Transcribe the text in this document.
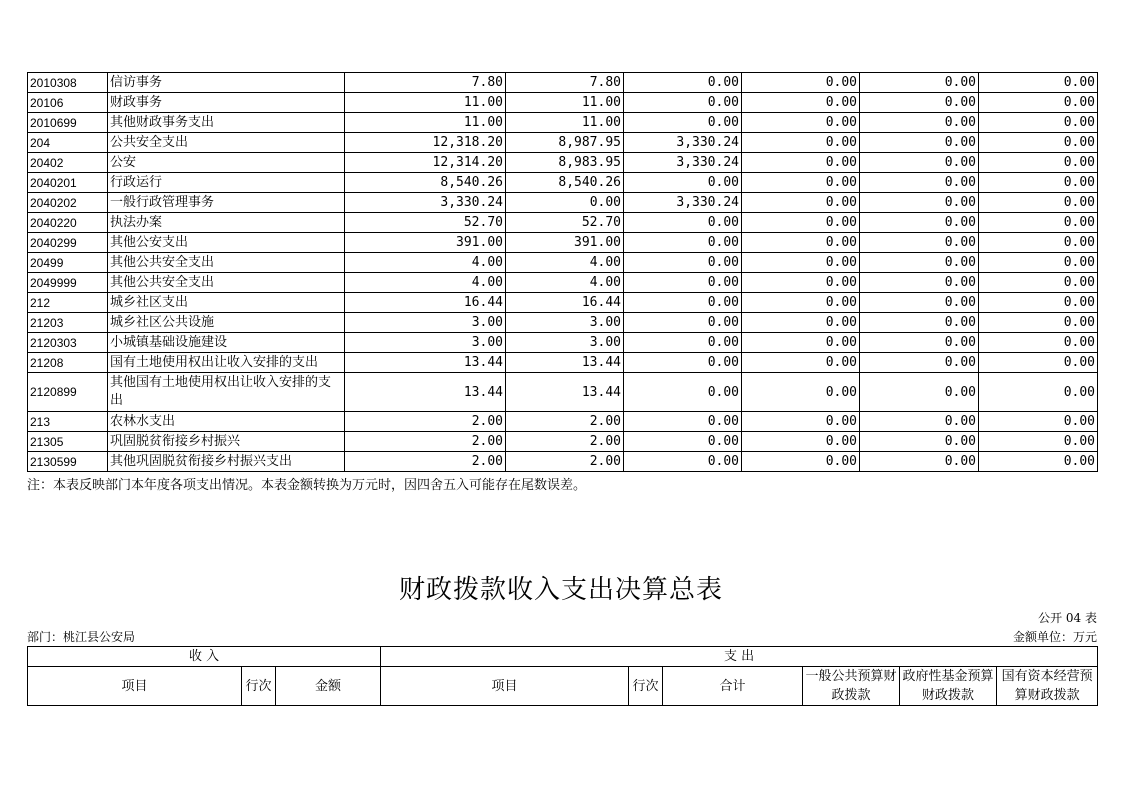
2010308	信访事务	7.80	7.80	0.00	0.00	0.00	0.00
20106	财政事务	11.00	11.00	0.00	0.00	0.00	0.00
2010699	其他财政事务支出	11.00	11.00	0.00	0.00	0.00	0.00
204	公共安全支出	12,318.20	8,987.95	3,330.24	0.00	0.00	0.00
20402	公安	12,314.20	8,983.95	3,330.24	0.00	0.00	0.00
2040201	行政运行	8,540.26	8,540.26	0.00	0.00	0.00	0.00
2040202	一般行政管理事务	3,330.24	0.00	3,330.24	0.00	0.00	0.00
2040220	执法办案	52.70	52.70	0.00	0.00	0.00	0.00
2040299	其他公安支出	391.00	391.00	0.00	0.00	0.00	0.00
20499	其他公共安全支出	4.00	4.00	0.00	0.00	0.00	0.00
2049999	其他公共安全支出	4.00	4.00	0.00	0.00	0.00	0.00
212	城乡社区支出	16.44	16.44	0.00	0.00	0.00	0.00
21203	城乡社区公共设施	3.00	3.00	0.00	0.00	0.00	0.00
2120303	小城镇基础设施建设	3.00	3.00	0.00	0.00	0.00	0.00
21208	国有土地使用权出让收入安排的支出	13.44	13.44	0.00	0.00	0.00	0.00
2120899	其他国有土地使用权出让收入安排的支出	13.44	13.44	0.00	0.00	0.00	0.00
213	农林水支出	2.00	2.00	0.00	0.00	0.00	0.00
21305	巩固脱贫衔接乡村振兴	2.00	2.00	0.00	0.00	0.00	0.00
2130599	其他巩固脱贫衔接乡村振兴支出	2.00	2.00	0.00	0.00	0.00	0.00
注：本表反映部门本年度各项支出情况。本表金额转换为万元时，因四舍五入可能存在尾数误差。
财政拨款收入支出决算总表
公开 04 表
部门：桃江县公安局	金额单位：万元
收 入			支 出					
项目	行次	金额	项目	行次	合计	一般公共预算财政拨款	政府性基金预算财政拨款	国有资本经营预算财政拨款
